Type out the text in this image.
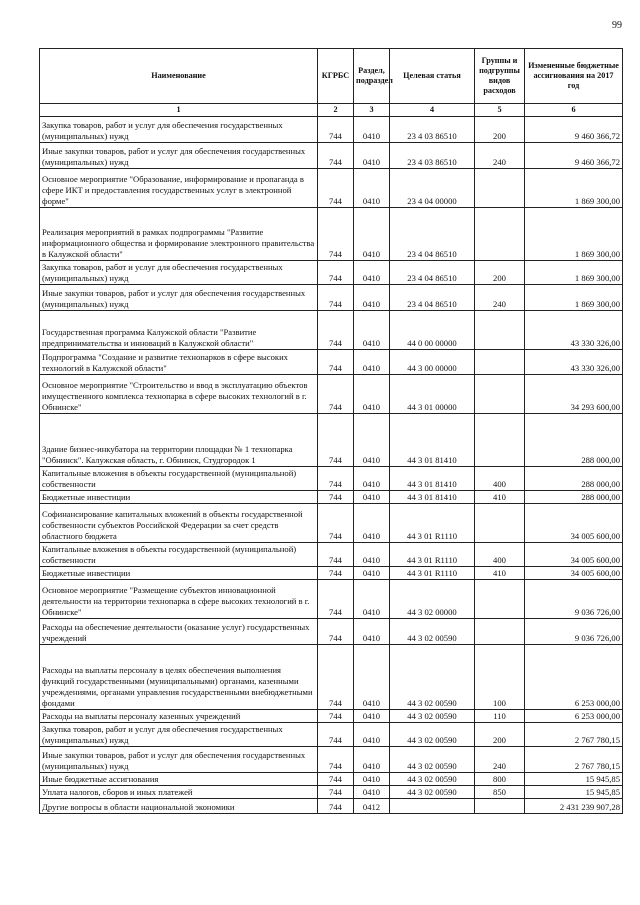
99
Наименование	КГРБС	Раздел, подраздел	Целевая статья	Группы и подгруппы видов расходов	Измененные бюджетные ассигнования на 2017 год
1	2	3	4	5	6
Закупка товаров, работ и услуг для обеспечения государственных (муниципальных) нужд	744	0410	23 4 03 86510	200	9 460 366,72
Иные закупки товаров, работ и услуг для обеспечения государственных (муниципальных) нужд	744	0410	23 4 03 86510	240	9 460 366,72
Основное мероприятие "Образование, информирование и пропаганда в сфере ИКТ и предоставления государственных услуг в электронной форме"	744	0410	23 4 04 00000		1 869 300,00
Реализация мероприятий в рамках подпрограммы "Развитие информационного общества и формирование электронного правительства в Калужской области"	744	0410	23 4 04 86510		1 869 300,00
Закупка товаров, работ и услуг для обеспечения государственных (муниципальных) нужд	744	0410	23 4 04 86510	200	1 869 300,00
Иные закупки товаров, работ и услуг для обеспечения государственных (муниципальных) нужд	744	0410	23 4 04 86510	240	1 869 300,00
Государственная программа Калужской области "Развитие предпринимательства и инноваций в Калужской области"	744	0410	44 0 00 00000		43 330 326,00
Подпрограмма "Создание и развитие технопарков в сфере высоких технологий в Калужской области"	744	0410	44 3 00 00000		43 330 326,00
Основное мероприятие "Строительство и ввод в эксплуатацию объектов имущественного комплекса технопарка в сфере высоких технологий в г. Обнинске"	744	0410	44 3 01 00000		34 293 600,00
Здание бизнес-инкубатора на территории площадки № 1 технопарка "Обнинск". Калужская область, г. Обнинск, Студгородок 1	744	0410	44 3 01 81410		288 000,00
Капитальные вложения в объекты государственной (муниципальной) собственности	744	0410	44 3 01 81410	400	288 000,00
Бюджетные инвестиции	744	0410	44 3 01 81410	410	288 000,00
Софинансирование капитальных вложений в объекты государственной собственности субъектов Российской Федерации за счет средств областного бюджета	744	0410	44 3 01 R1110		34 005 600,00
Капитальные вложения в объекты государственной (муниципальной) собственности	744	0410	44 3 01 R1110	400	34 005 600,00
Бюджетные инвестиции	744	0410	44 3 01 R1110	410	34 005 600,00
Основное мероприятие "Размещение субъектов инновационной деятельности на территории технопарка в сфере высоких технологий в г. Обнинске"	744	0410	44 3 02 00000		9 036 726,00
Расходы на обеспечение деятельности (оказание услуг) государственных учреждений	744	0410	44 3 02 00590		9 036 726,00
Расходы на выплаты персоналу в целях обеспечения выполнения функций государственными (муниципальными) органами, казенными учреждениями, органами управления государственными внебюджетными фондами	744	0410	44 3 02 00590	100	6 253 000,00
Расходы на выплаты персоналу казенных учреждений	744	0410	44 3 02 00590	110	6 253 000,00
Закупка товаров, работ и услуг для обеспечения государственных (муниципальных) нужд	744	0410	44 3 02 00590	200	2 767 780,15
Иные закупки товаров, работ и услуг для обеспечения государственных (муниципальных) нужд	744	0410	44 3 02 00590	240	2 767 780,15
Иные бюджетные ассигнования	744	0410	44 3 02 00590	800	15 945,85
Уплата налогов, сборов и иных платежей	744	0410	44 3 02 00590	850	15 945,85
Другие вопросы в области национальной экономики	744	0412			2 431 239 907,28
